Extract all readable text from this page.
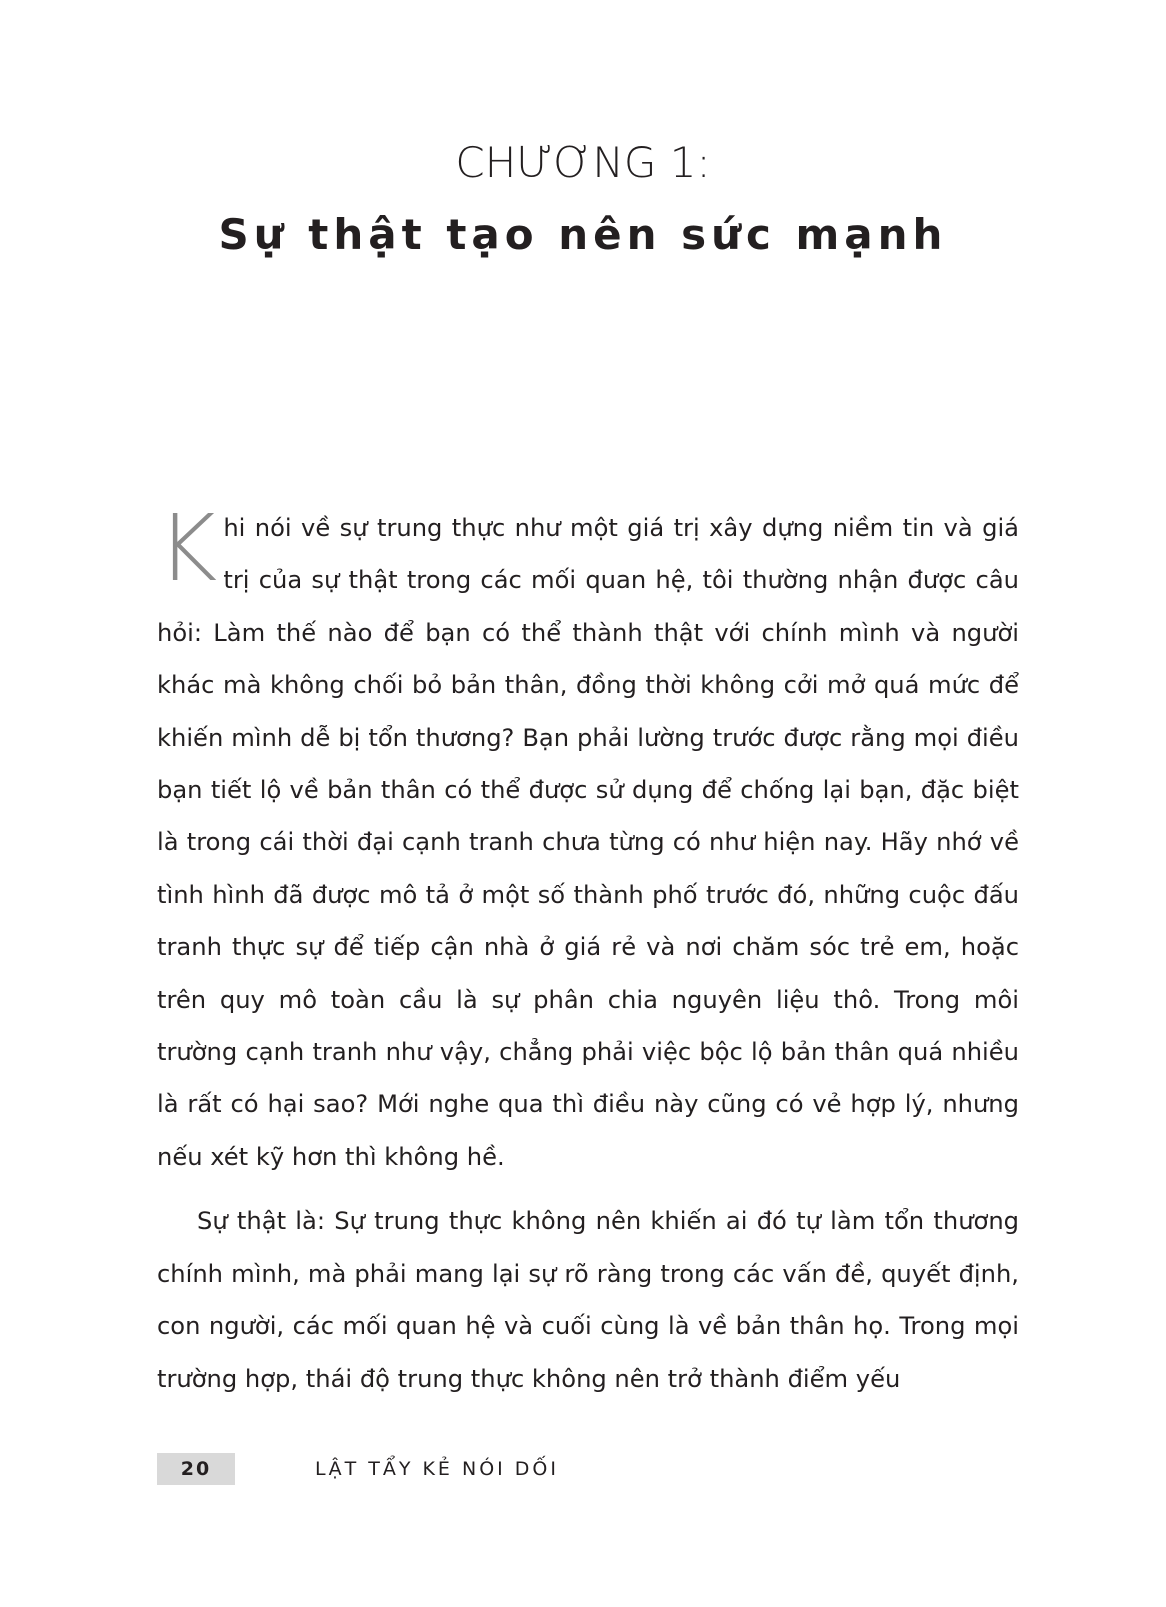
CHƯƠNG 1:
Sự thật tạo nên sức mạnh

Khi nói về sự trung thực như một giá trị xây dựng niềm tin và giá trị của sự thật trong các mối quan hệ, tôi thường nhận được câu hỏi: Làm thế nào để bạn có thể thành thật với chính mình và người khác mà không chối bỏ bản thân, đồng thời không cởi mở quá mức để khiến mình dễ bị tổn thương? Bạn phải lường trước được rằng mọi điều bạn tiết lộ về bản thân có thể được sử dụng để chống lại bạn, đặc biệt là trong cái thời đại cạnh tranh chưa từng có như hiện nay. Hãy nhớ về tình hình đã được mô tả ở một số thành phố trước đó, những cuộc đấu tranh thực sự để tiếp cận nhà ở giá rẻ và nơi chăm sóc trẻ em, hoặc trên quy mô toàn cầu là sự phân chia nguyên liệu thô. Trong môi trường cạnh tranh như vậy, chẳng phải việc bộc lộ bản thân quá nhiều là rất có hại sao? Mới nghe qua thì điều này cũng có vẻ hợp lý, nhưng nếu xét kỹ hơn thì không hề.

Sự thật là: Sự trung thực không nên khiến ai đó tự làm tổn thương chính mình, mà phải mang lại sự rõ ràng trong các vấn đề, quyết định, con người, các mối quan hệ và cuối cùng là về bản thân họ. Trong mọi trường hợp, thái độ trung thực không nên trở thành điểm yếu

20	LẬT TẨY KẺ NÓI DỐI
